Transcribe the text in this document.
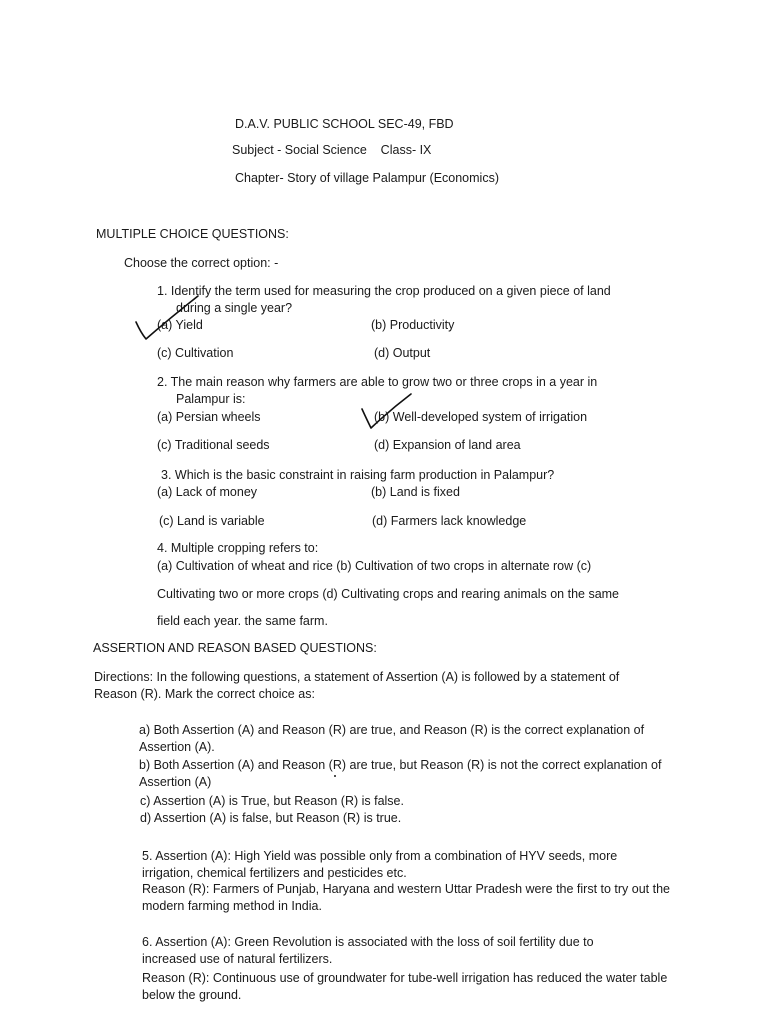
D.A.V. PUBLIC SCHOOL SEC-49, FBD
Subject - Social Science    Class- IX
Chapter- Story of village Palampur (Economics)
MULTIPLE CHOICE QUESTIONS:
Choose the correct option: -
1. Identify the term used for measuring the crop produced on a given piece of land
during a single year?
(a) Yield	(b) Productivity
(c) Cultivation	(d) Output
2. The main reason why farmers are able to grow two or three crops in a year in
Palampur is:
(a) Persian wheels	(b) Well-developed system of irrigation
(c) Traditional seeds	(d) Expansion of land area
3. Which is the basic constraint in raising farm production in Palampur?
(a) Lack of money	(b) Land is fixed
(c) Land is variable	(d) Farmers lack knowledge
4. Multiple cropping refers to:
(a) Cultivation of wheat and rice (b) Cultivation of two crops in alternate row (c)
Cultivating two or more crops (d) Cultivating crops and rearing animals on the same
field each year. the same farm.
ASSERTION AND REASON BASED QUESTIONS:
Directions: In the following questions, a statement of Assertion (A) is followed by a statement of Reason (R). Mark the correct choice as:
a) Both Assertion (A) and Reason (R) are true, and Reason (R) is the correct explanation of Assertion (A).
b) Both Assertion (A) and Reason (R) are true, but Reason (R) is not the correct explanation of Assertion (A)
c) Assertion (A) is True, but Reason (R) is false.
d) Assertion (A) is false, but Reason (R) is true.
5. Assertion (A): High Yield was possible only from a combination of HYV seeds, more irrigation, chemical fertilizers and pesticides etc.
Reason (R): Farmers of Punjab, Haryana and western Uttar Pradesh were the first to try out the modern farming method in India.
6. Assertion (A): Green Revolution is associated with the loss of soil fertility due to increased use of natural fertilizers.
Reason (R): Continuous use of groundwater for tube-well irrigation has reduced the water table below the ground.
